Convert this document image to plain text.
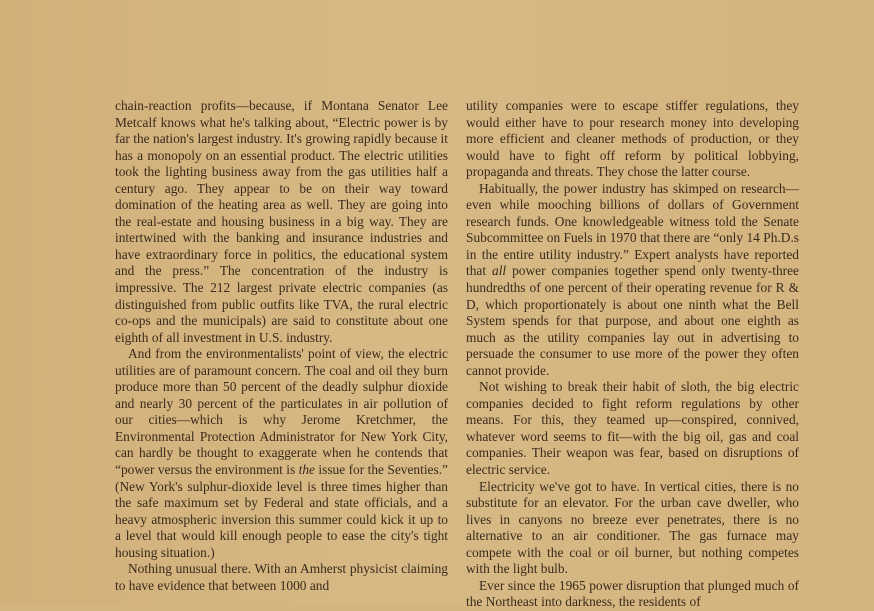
chain-reaction profits—because, if Montana Senator Lee Metcalf knows what he's talking about, “Electric power is by far the nation's largest industry. It's growing rapidly because it has a monopoly on an essential product. The electric utilities took the lighting business away from the gas utilities half a century ago. They appear to be on their way toward domination of the heating area as well. They are going into the real-estate and housing business in a big way. They are intertwined with the banking and insurance industries and have extraordinary force in politics, the educational system and the press.” The concentration of the industry is impressive. The 212 largest private electric companies (as distinguished from public outfits like TVA, the rural electric co-ops and the municipals) are said to constitute about one eighth of all investment in U.S. industry.

And from the environmentalists' point of view, the electric utilities are of paramount concern. The coal and oil they burn produce more than 50 percent of the deadly sulphur dioxide and nearly 30 percent of the particulates in air pollution of our cities—which is why Jerome Kretchmer, the Environmental Protection Administrator for New York City, can hardly be thought to exaggerate when he contends that “power versus the environment is the issue for the Seventies.” (New York's sulphur-dioxide level is three times higher than the safe maximum set by Federal and state officials, and a heavy atmospheric inversion this summer could kick it up to a level that would kill enough people to ease the city's tight housing situation.)

Nothing unusual there. With an Amherst physicist claiming to have evidence that between 1000 and

utility companies were to escape stiffer regulations, they would either have to pour research money into developing more efficient and cleaner methods of production, or they would have to fight off reform by political lobbying, propaganda and threats. They chose the latter course.

Habitually, the power industry has skimped on research—even while mooching billions of dollars of Government research funds. One knowledgeable witness told the Senate Subcommittee on Fuels in 1970 that there are “only 14 Ph.D.s in the entire utility industry.” Expert analysts have reported that all power companies together spend only twenty-three hundredths of one percent of their operating revenue for R & D, which proportionately is about one ninth what the Bell System spends for that purpose, and about one eighth as much as the utility companies lay out in advertising to persuade the consumer to use more of the power they often cannot provide.

Not wishing to break their habit of sloth, the big electric companies decided to fight reform regulations by other means. For this, they teamed up—conspired, connived, whatever word seems to fit—with the big oil, gas and coal companies. Their weapon was fear, based on disruptions of electric service.

Electricity we've got to have. In vertical cities, there is no substitute for an elevator. For the urban cave dweller, who lives in canyons no breeze ever penetrates, there is no alternative to an air conditioner. The gas furnace may compete with the coal or oil burner, but nothing competes with the light bulb.

Ever since the 1965 power disruption that plunged much of the Northeast into darkness, the residents of
